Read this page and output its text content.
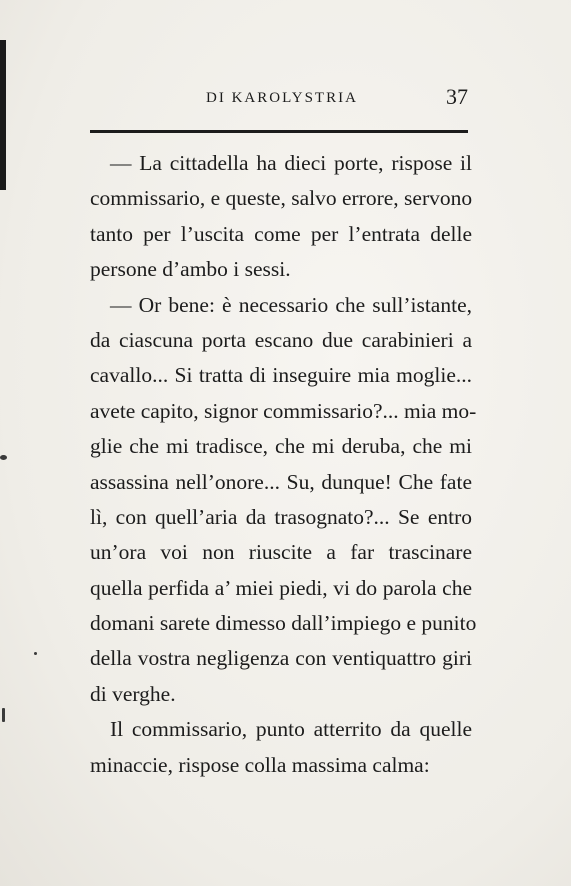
DI KAROLYSTRIA	37
— La cittadella ha dieci porte, rispose il
commissario, e queste, salvo errore, servono
tanto per l’uscita come per l’entrata delle
persone d’ambo i sessi.
— Or bene: è necessario che sull’istante,
da ciascuna porta escano due carabinieri a
cavallo... Si tratta di inseguire mia moglie...
avete capito, signor commissario?... mia mo-
glie che mi tradisce, che mi deruba, che mi
assassina nell’onore... Su, dunque! Che fate
lì, con quell’aria da trasognato?... Se entro
un’ora voi non riuscite a far trascinare
quella perfida a’ miei piedi, vi do parola che
domani sarete dimesso dall’impiego e punito
della vostra negligenza con ventiquattro giri
di verghe.
Il commissario, punto atterrito da quelle
minaccie, rispose colla massima calma:
